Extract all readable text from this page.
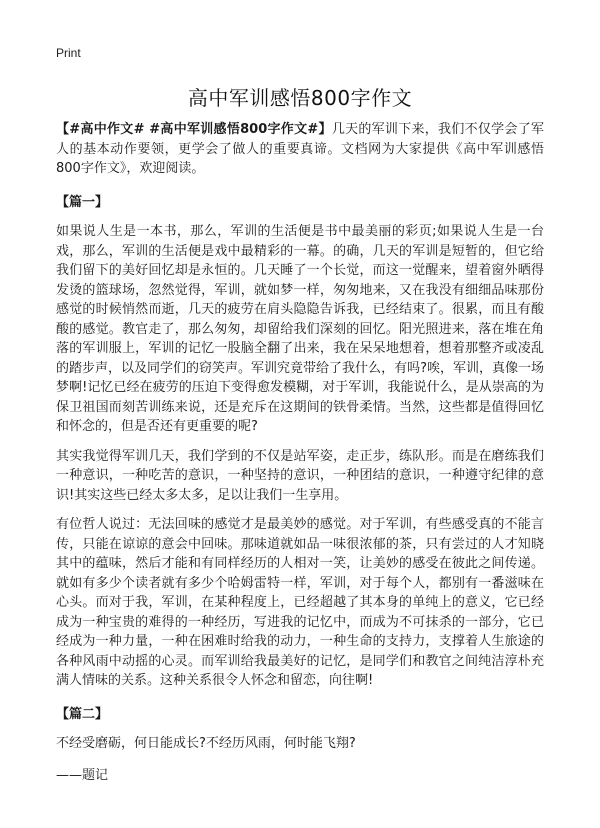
Print
高中军训感悟800字作文

【#高中作文# #高中军训感悟800字作文#】几天的军训下来，我们不仅学会了军人的基本动作要领，更学会了做人的重要真谛。文档网为大家提供《高中军训感悟800字作文》，欢迎阅读。

【篇一】

如果说人生是一本书，那么，军训的生活便是书中最美丽的彩页;如果说人生是一台戏，那么，军训的生活便是戏中最精彩的一幕。的确，几天的军训是短暂的，但它给我们留下的美好回忆却是永恒的。几天睡了一个长觉，而这一觉醒来，望着窗外晒得发烫的篮球场，忽然觉得，军训，就如梦一样，匆匆地来，又在我没有细细品味那份感觉的时候悄然而逝，几天的疲劳在肩头隐隐告诉我，已经结束了。很累，而且有酸酸的感觉。教官走了，那么匆匆，却留给我们深刻的回忆。阳光照进来，落在堆在角落的军训服上，军训的记忆一股脑全翻了出来，我在呆呆地想着，想着那整齐或凌乱的踏步声，以及同学们的窃笑声。军训究竟带给了我什么，有吗?唉，军训，真像一场梦啊!记忆已经在疲劳的压迫下变得愈发模糊，对于军训，我能说什么，是从崇高的为保卫祖国而刻苦训练来说，还是充斥在这期间的铁骨柔情。当然，这些都是值得回忆和怀念的，但是否还有更重要的呢?

其实我觉得军训几天，我们学到的不仅是站军姿，走正步，练队形。而是在磨练我们一种意识，一种吃苦的意识，一种坚持的意识，一种团结的意识，一种遵守纪律的意识!其实这些已经太多太多，足以让我们一生享用。

有位哲人说过：无法回味的感觉才是最美妙的感觉。对于军训，有些感受真的不能言传，只能在谅谅的意会中回味。那味道就如品一味很浓郁的茶，只有尝过的人才知晓其中的蕴味，然后才能和有同样经历的人相对一笑，让美妙的感受在彼此之间传递。就如有多少个读者就有多少个哈姆雷特一样，军训，对于每个人，都别有一番滋味在心头。而对于我，军训，在某种程度上，已经超越了其本身的单纯上的意义，它已经成为一种宝贵的难得的一种经历，写进我的记忆中，而成为不可抹杀的一部分，它已经成为一种力量，一种在困难时给我的动力，一种生命的支持力，支撑着人生旅途的各种风雨中动摇的心灵。而军训给我最美好的记忆，是同学们和教官之间纯洁淳朴充满人情味的关系。这种关系很令人怀念和留恋，向往啊!

【篇二】

不经受磨砺，何日能成长?不经历风雨，何时能飞翔?

——题记
